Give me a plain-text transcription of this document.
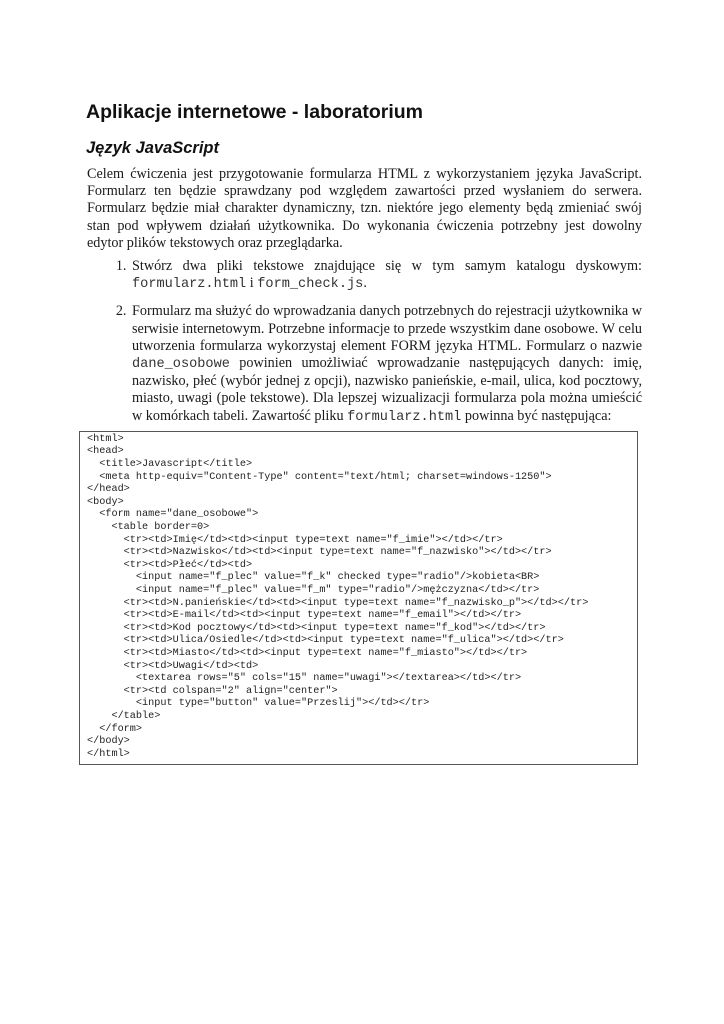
Aplikacje internetowe - laboratorium
Język JavaScript

Celem ćwiczenia jest przygotowanie formularza HTML z wykorzystaniem języka JavaScript. Formularz ten będzie sprawdzany pod względem zawartości przed wysłaniem do serwera. Formularz będzie miał charakter dynamiczny, tzn. niektóre jego elementy będą zmieniać swój stan pod wpływem działań użytkownika. Do wykonania ćwiczenia potrzebny jest dowolny edytor plików tekstowych oraz przeglądarka.

1. Stwórz dwa pliki tekstowe znajdujące się w tym samym katalogu dyskowym: formularz.html i form_check.js.
2. Formularz ma służyć do wprowadzania danych potrzebnych do rejestracji użytkownika w serwisie internetowym. Potrzebne informacje to przede wszystkim dane osobowe. W celu utworzenia formularza wykorzystaj element FORM języka HTML. Formularz o nazwie dane_osobowe powinien umożliwiać wprowadzanie następujących danych: imię, nazwisko, płeć (wybór jednej z opcji), nazwisko panieńskie, e-mail, ulica, kod pocztowy, miasto, uwagi (pole tekstowe). Dla lepszej wizualizacji formularza pola można umieścić w komórkach tabeli. Zawartość pliku formularz.html powinna być następująca:
<html>
<head>
<title>Javascript</title>
<meta http-equiv="Content-Type" content="text/html; charset=windows-1250">
</head>
<body>
<form name="dane_osobowe">
<table border=0>
<tr><td>Imię</td><td><input type=text name="f_imie"></td></tr>
<tr><td>Nazwisko</td><td><input type=text name="f_nazwisko"></td></tr>
<tr><td>Płeć</td><td>
<input name="f_plec" value="f_k" checked type="radio"/>kobieta<BR>
<input name="f_plec" value="f_m" type="radio"/>mężczyzna</td></tr>
<tr><td>N.panieńskie</td><td><input type=text name="f_nazwisko_p"></td></tr>
<tr><td>E-mail</td><td><input type=text name="f_email"></td></tr>
<tr><td>Kod pocztowy</td><td><input type=text name="f_kod"></td></tr>
<tr><td>Ulica/Osiedle</td><td><input type=text name="f_ulica"></td></tr>
<tr><td>Miasto</td><td><input type=text name="f_miasto"></td></tr>
<tr><td>Uwagi</td><td>
<textarea rows="5" cols="15" name="uwagi"></textarea></td></tr>
<tr><td colspan="2" align="center">
<input type="button" value="Przeslij"></td></tr>
</table>
</form>
</body>
</html>
